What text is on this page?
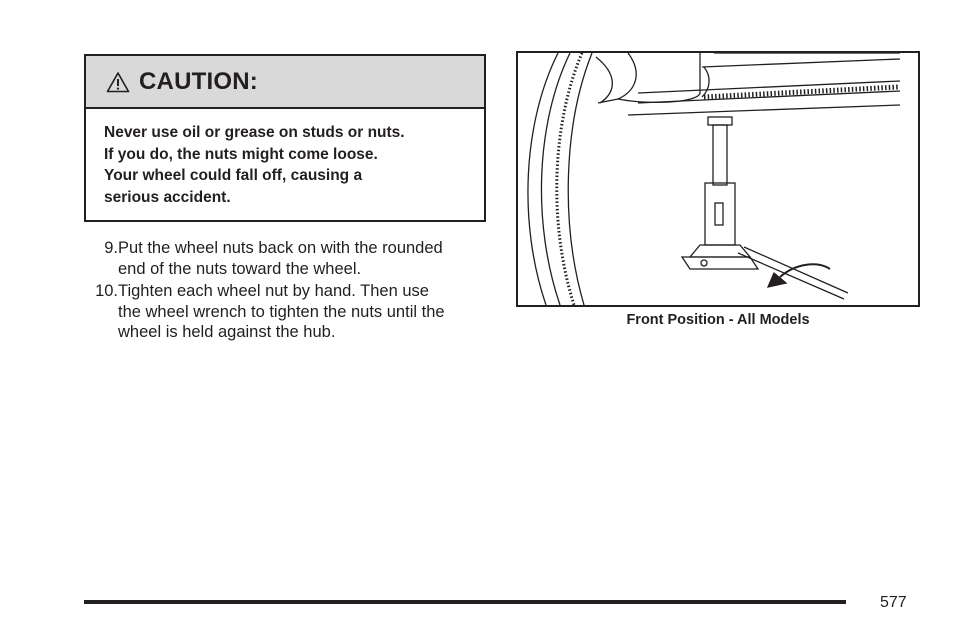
CAUTION:
Never use oil or grease on studs or nuts.
If you do, the nuts might come loose.
Your wheel could fall off, causing a
serious accident.
9. Put the wheel nuts back on with the rounded
end of the nuts toward the wheel.
10. Tighten each wheel nut by hand. Then use
the wheel wrench to tighten the nuts until the
wheel is held against the hub.
Front Position - All Models
577
